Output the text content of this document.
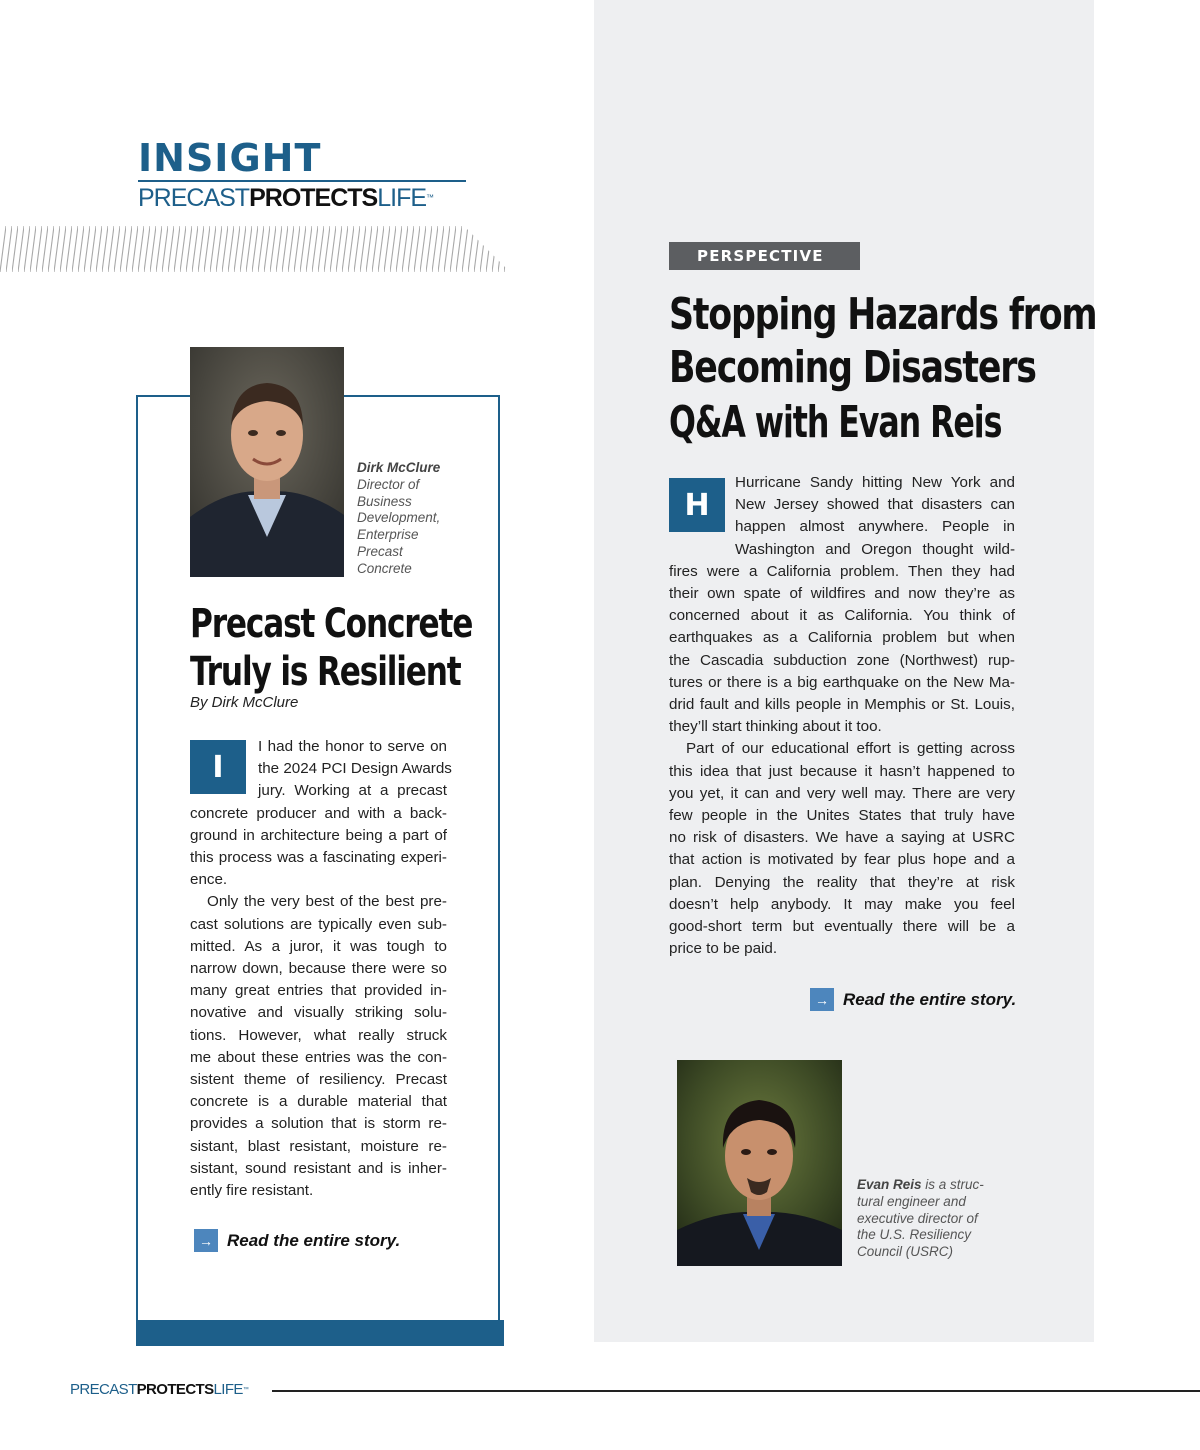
INSIGHT
PRECASTPROTECTSLIFE™
Dirk McClure
Director of
Business
Development,
Enterprise
Precast
Concrete
Precast Concrete
Truly is Resilient
By Dirk McClure
I

I had the honor to serve on
the 2024 PCI Design Awards
jury. Working at a precast

concrete producer and with a back-
ground in architecture being a part of
this process was a fascinating experi-
ence.

Only the very best of the best pre-
cast solutions are typically even sub-
mitted. As a juror, it was tough to
narrow down, because there were so
many great entries that provided in-
novative and visually striking solu-
tions. However, what really struck
me about these entries was the con-
sistent theme of resiliency. Precast
concrete is a durable material that
provides a solution that is storm re-
sistant, blast resistant, moisture re-
sistant, sound resistant and is inher-
ently fire resistant.

→ Read the entire story.
PERSPECTIVE
Stopping Hazards from
Becoming Disasters
Q&A with Evan Reis
H

Hurricane Sandy hitting New York and
New Jersey showed that disasters can
happen almost anywhere. People in
Washington and Oregon thought wild-

fires were a California problem. Then they had
their own spate of wildfires and now they’re as
concerned about it as California. You think of
earthquakes as a California problem but when
the Cascadia subduction zone (Northwest) rup-
tures or there is a big earthquake on the New Ma-
drid fault and kills people in Memphis or St. Louis,
they’ll start thinking about it too.

Part of our educational effort is getting across
this idea that just because it hasn’t happened to
you yet, it can and very well may. There are very
few people in the Unites States that truly have
no risk of disasters. We have a saying at USRC
that action is motivated by fear plus hope and a
plan. Denying the reality that they’re at risk
doesn’t help anybody. It may make you feel
good-short term but eventually there will be a
price to be paid.

→ Read the entire story.
Evan Reis is a struc-
tural engineer and
executive director of
the U.S. Resiliency
Council (USRC)
PRECASTPROTECTSLIFE™
